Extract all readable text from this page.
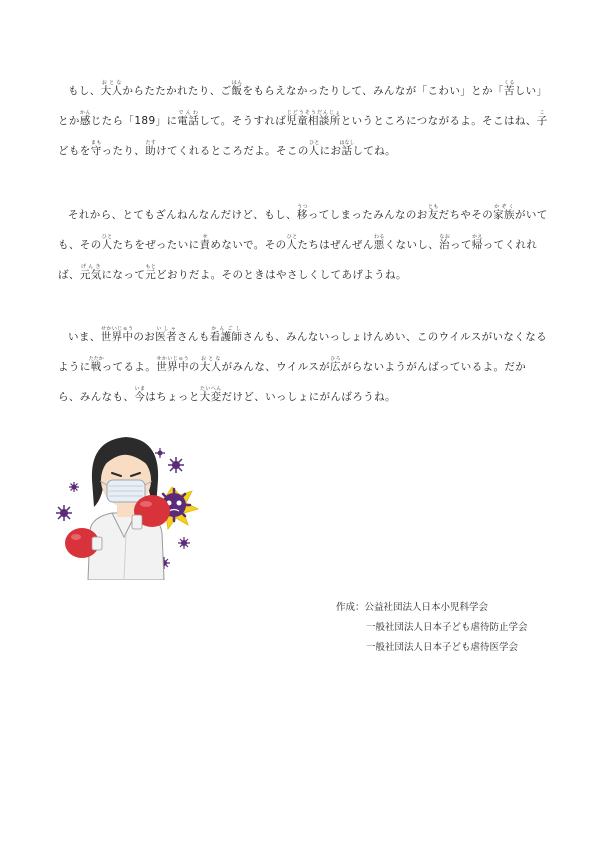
もし、大人おとなからたたかれたり、ご飯はんをもらえなかったりして、みんなが「こわい」とか「苦くるしい」とか感かんじたら「189」に電話でんわして。そうすれば児童相談所じどうそうだんじょというところにつながるよ。そこはね、子こどもを守まもったり、助たすけてくれるところだよ。そこの人ひとにお話はなししてね。

それから、とてもざんねんなんだけど、もし、移うつってしまったみんなのお友ともだちやその家族かぞくがいても、その人ひとたちをぜったいに責せめないで。その人ひとたちはぜんぜん悪わるくないし、治なおって帰かえってくれれば、元気げんきになって元もとどおりだよ。そのときはやさしくしてあげようね。

いま、世界中せかいじゅうのお医者いしゃさんも看護師かんごしさんも、みんないっしょけんめい、このウイルスがいなくなるように戦たたかってるよ。世界中せかいじゅうの大人おとながみんな、ウイルスが広ひろがらないようがんばっているよ。だから、みんなも、今いまはちょっと大変たいへんだけど、いっしょにがんばろうね。

作成：公益社団法人日本小児科学会
一般社団法人日本子ども虐待防止学会
一般社団法人日本子ども虐待医学会
